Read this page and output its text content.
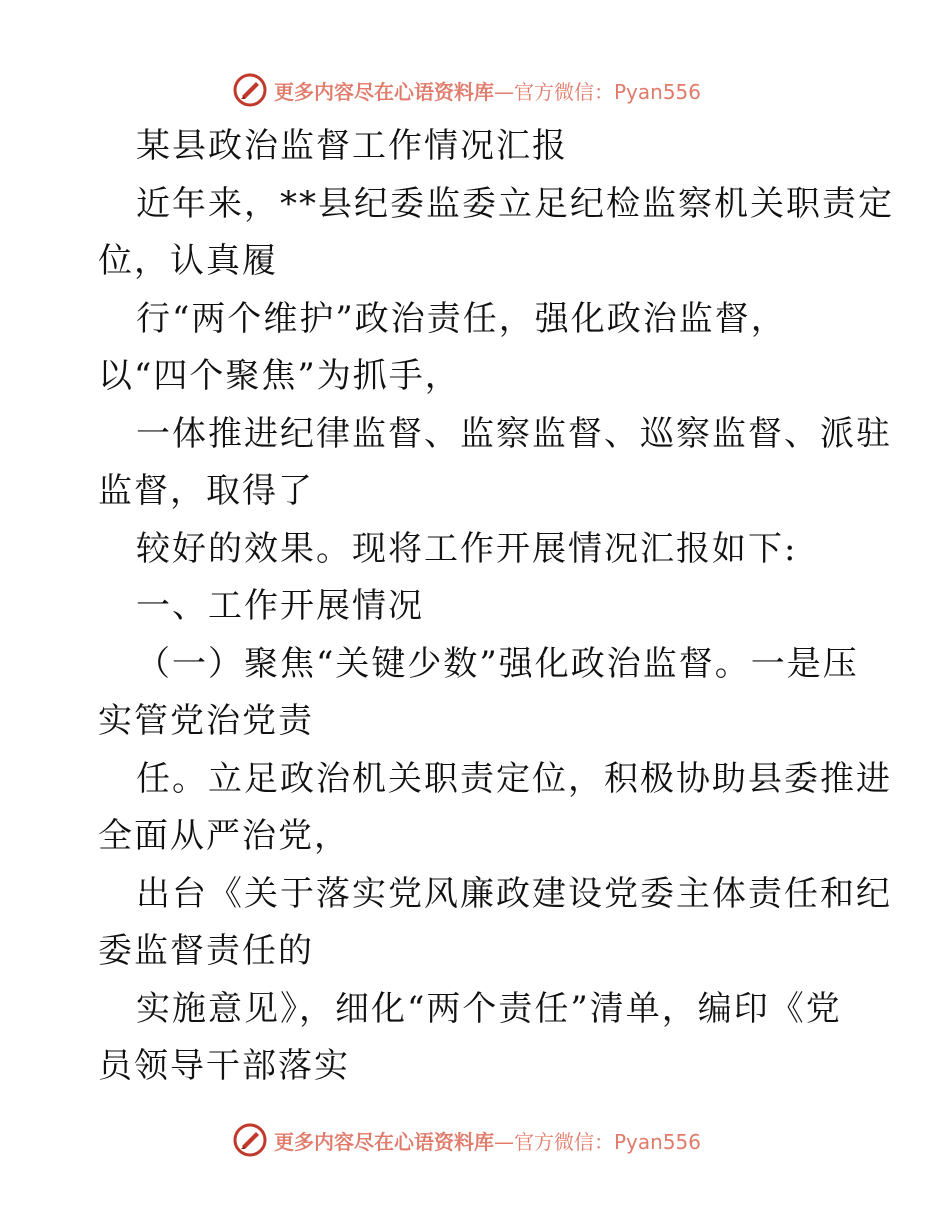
更多内容尽在心语资料库 —官方微信：Pyan556
某县政治监督工作情况汇报
近年来，**县纪委监委立足纪检监察机关职责定
位，认真履
行“两个维护”政治责任，强化政治监督，
以“四个聚焦”为抓手，
一体推进纪律监督、监察监督、巡察监督、派驻
监督，取得了
较好的效果。现将工作开展情况汇报如下:
一、工作开展情况
（一）聚焦“关键少数”强化政治监督。一是压
实管党治党责
任。立足政治机关职责定位，积极协助县委推进
全面从严治党，
出台《关于落实党风廉政建设党委主体责任和纪
委监督责任的
实施意见》，细化“两个责任”清单，编印《党
员领导干部落实
更多内容尽在心语资料库 —官方微信：Pyan556
